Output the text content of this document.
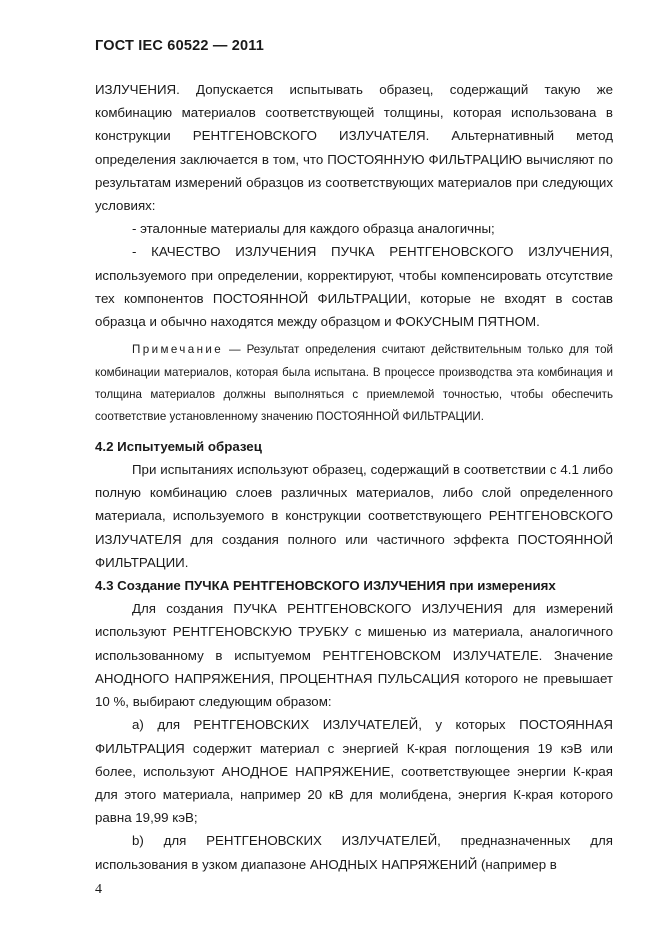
ГОСТ IEC 60522 — 2011

ИЗЛУЧЕНИЯ. Допускается испытывать образец, содержащий такую же комбинацию материалов соответствующей толщины, которая использована в конструкции РЕНТГЕНОВСКОГО ИЗЛУЧАТЕЛЯ. Альтернативный метод определения заключается в том, что ПОСТОЯННУЮ ФИЛЬТРАЦИЮ вычисляют по результатам измерений образцов из соответствующих материалов при следующих условиях:

- эталонные материалы для каждого образца аналогичны;

- КАЧЕСТВО ИЗЛУЧЕНИЯ ПУЧКА РЕНТГЕНОВСКОГО ИЗЛУЧЕНИЯ, используемого при определении, корректируют, чтобы компенсировать отсутствие тех компонентов ПОСТОЯННОЙ ФИЛЬТРАЦИИ, которые не входят в состав образца и обычно находятся между образцом и ФОКУСНЫМ ПЯТНОМ.

Примечание — Результат определения считают действительным только для той комбинации материалов, которая была испытана. В процессе производства эта комбинация и толщина материалов должны выполняться с приемлемой точностью, чтобы обеспечить соответствие установленному значению ПОСТОЯННОЙ ФИЛЬТРАЦИИ.

4.2 Испытуемый образец

При испытаниях используют образец, содержащий в соответствии с 4.1 либо полную комбинацию слоев различных материалов, либо слой определенного материала, используемого в конструкции соответствующего РЕНТГЕНОВСКОГО ИЗЛУЧАТЕЛЯ для создания полного или частичного эффекта ПОСТОЯННОЙ ФИЛЬТРАЦИИ.

4.3 Создание ПУЧКА РЕНТГЕНОВСКОГО ИЗЛУЧЕНИЯ при измерениях

Для создания ПУЧКА РЕНТГЕНОВСКОГО ИЗЛУЧЕНИЯ для измерений используют РЕНТГЕНОВСКУЮ ТРУБКУ с мишенью из материала, аналогичного использованному в испытуемом РЕНТГЕНОВСКОМ ИЗЛУЧАТЕЛЕ. Значение АНОДНОГО НАПРЯЖЕНИЯ, ПРОЦЕНТНАЯ ПУЛЬСАЦИЯ которого не превышает 10 %, выбирают следующим образом:

a) для РЕНТГЕНОВСКИХ ИЗЛУЧАТЕЛЕЙ, у которых ПОСТОЯННАЯ ФИЛЬТРАЦИЯ содержит материал с энергией К-края поглощения 19 кэВ или более, используют АНОДНОЕ НАПРЯЖЕНИЕ, соответствующее энергии К-края для этого материала, например 20 кВ для молибдена, энергия К-края которого равна 19,99 кэВ;

b) для РЕНТГЕНОВСКИХ ИЗЛУЧАТЕЛЕЙ, предназначенных для использования в узком диапазоне АНОДНЫХ НАПРЯЖЕНИЙ (например в

4
